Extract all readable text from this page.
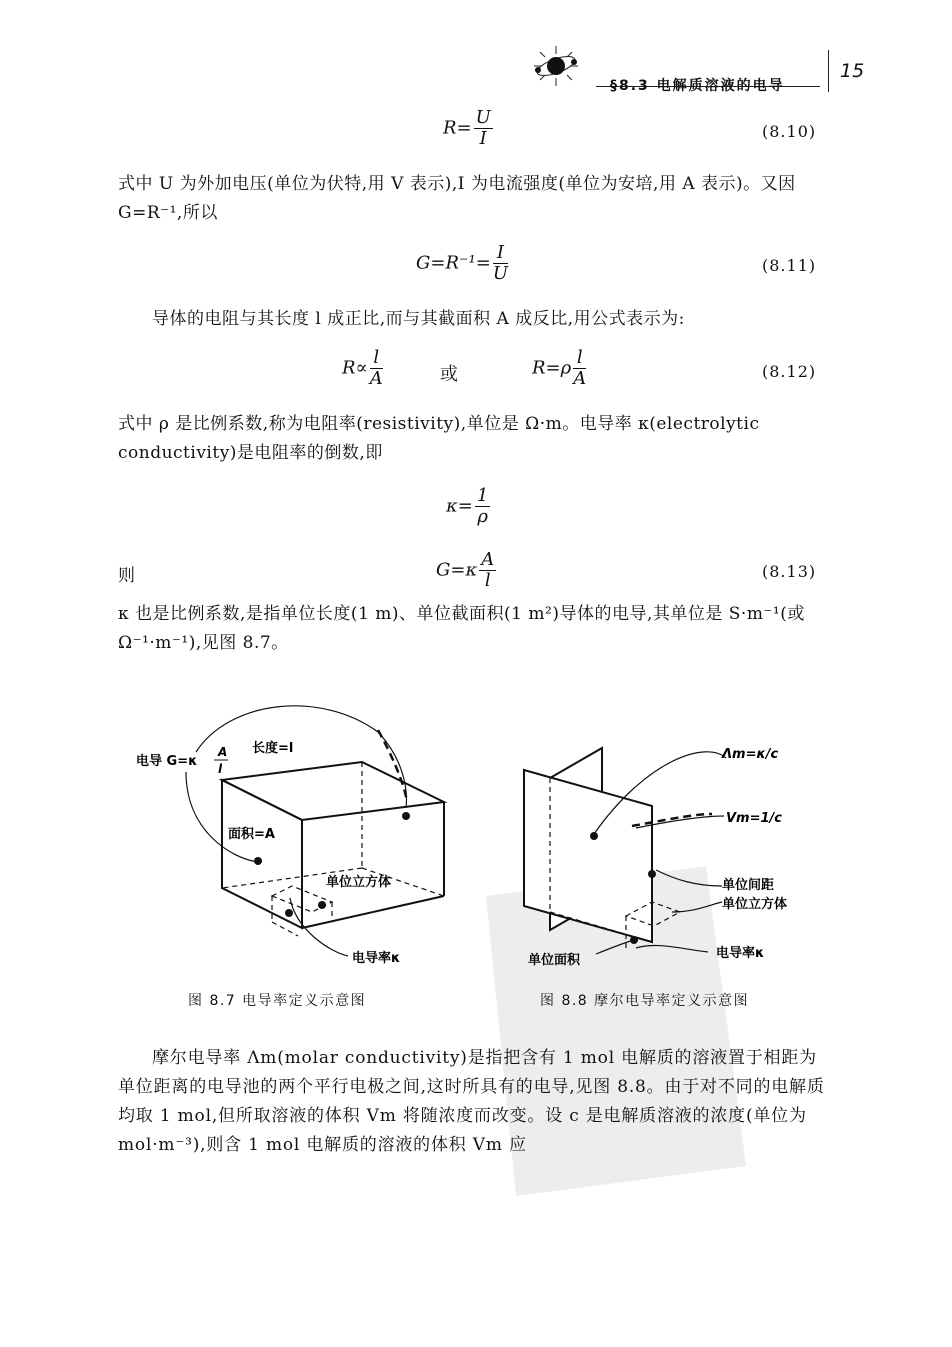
§8.3 电解质溶液的电导
15
$R= \frac{U}{I}$	(8.10)
式中 U 为外加电压(单位为伏特,用 V 表示),I 为电流强度(单位为安培,用 A 表示)。又因 G=R⁻¹,所以
$G=R^{-1}= \frac{I}{U}$	(8.11)
导体的电阻与其长度 l 成正比,而与其截面积 A 成反比,用公式表示为:
$R\propto \frac{l}{A}$	或	$R=\rho \frac{l}{A}$	(8.12)
式中 ρ 是比例系数,称为电阻率(resistivity),单位是 Ω·m。电导率 κ(electrolytic conductivity)是电阻率的倒数,即
$\kappa= \frac{1}{\rho}$
则	$G=\kappa \frac{A}{l}$	(8.13)
κ 也是比例系数,是指单位长度(1 m)、单位截面积(1 m²)导体的电导,其单位是 S·m⁻¹(或 Ω⁻¹·m⁻¹),见图 8.7。
电导 G=κ
A
l
长度=l
面积=A
单位立方体
电导率κ
图 8.7 电导率定义示意图
Λm=κ/c
Vm=1/c
单位间距
单位立方体
单位面积	电导率κ
图 8.8 摩尔电导率定义示意图
摩尔电导率 Λm(molar conductivity)是指把含有 1 mol 电解质的溶液置于相距为单位距离的电导池的两个平行电极之间,这时所具有的电导,见图 8.8。由于对不同的电解质均取 1 mol,但所取溶液的体积 Vm 将随浓度而改变。设 c 是电解质溶液的浓度(单位为 mol·m⁻³),则含 1 mol 电解质的溶液的体积 Vm 应
